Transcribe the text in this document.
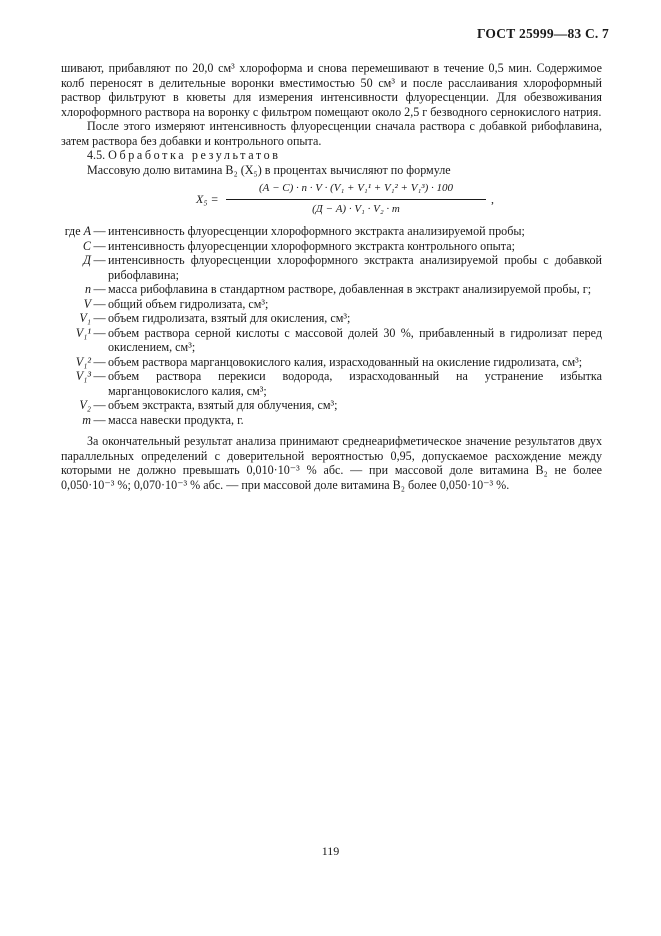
ГОСТ 25999—83 С. 7

шивают, прибавляют по 20,0 см³ хлороформа и снова перемешивают в течение 0,5 мин. Содержимое колб переносят в делительные воронки вместимостью 50 см³ и после расслаивания хлороформный раствор фильтруют в кюветы для измерения интенсивности флуоресценции. Для обезвоживания хлороформного раствора на воронку с фильтром помещают около 2,5 г безводного сернокислого натрия.

После этого измеряют интенсивность флуоресценции сначала раствора с добавкой рибофлавина, затем раствора без добавки и контрольного опыта.

4.5. Обработка результатов

Массовую долю витамина В₂ (X₅) в процентах вычисляют по формуле

X₅ =
(А − С) · n · V · (V₁ + V₁¹ + V₁² + V₁³) · 100
(Д − А) · V₁ · V₂ · m
,
где А — интенсивность флуоресценции хлороформного экстракта анализируемой пробы;
С — интенсивность флуоресценции хлороформного экстракта контрольного опыта;
Д — интенсивность флуоресценции хлороформного экстракта анализируемой пробы с добавкой рибофлавина;
n — масса рибофлавина в стандартном растворе, добавленная в экстракт анализируемой пробы, г;
V — общий объем гидролизата, см³;
V₁ — объем гидролизата, взятый для окисления, см³;
V₁¹ — объем раствора серной кислоты с массовой долей 30 %, прибавленный в гидролизат перед окислением, см³;
V₁² — объем раствора марганцовокислого калия, израсходованный на окисление гидролизата, см³;
V₁³ — объем раствора перекиси водорода, израсходованный на устранение избытка марганцовокислого калия, см³;
V₂ — объем экстракта, взятый для облучения, см³;
m — масса навески продукта, г.

За окончательный результат анализа принимают среднеарифметическое значение результатов двух параллельных определений с доверительной вероятностью 0,95, допускаемое расхождение между которыми не должно превышать 0,010·10⁻³ % абс. — при массовой доле витамина В₂ не более 0,050·10⁻³ %; 0,070·10⁻³ % абс. — при массовой доле витамина В₂ более 0,050·10⁻³ %.

119
